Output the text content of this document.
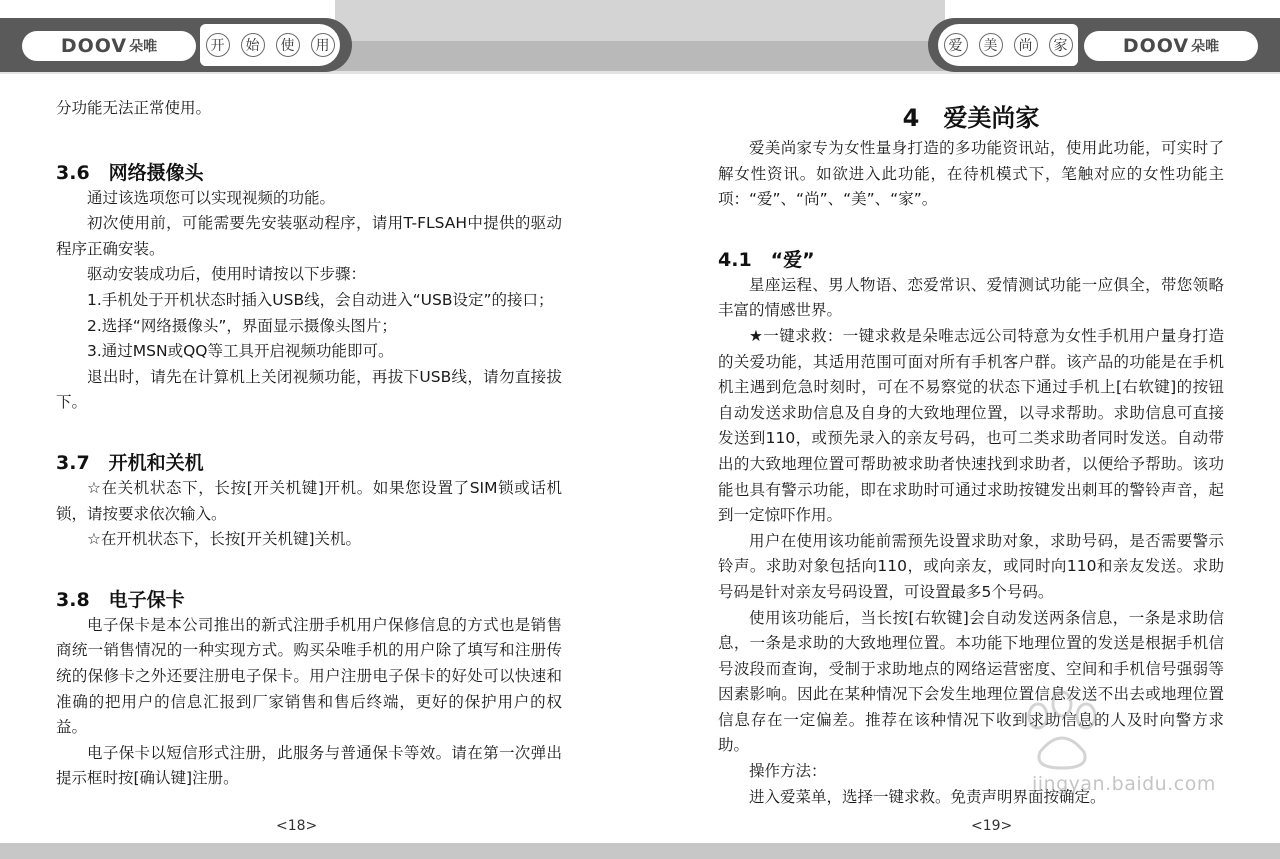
DOOV 朵唯	开	始	使	用	爱	美	尚	家	DOOV 朵唯

分功能无法正常使用。

3.6　网络摄像头

通过该选项您可以实现视频的功能。

初次使用前，可能需要先安装驱动程序，请用T-FLSAH中提供的驱动程序正确安装。

驱动安装成功后，使用时请按以下步骤：

1.手机处于开机状态时插入USB线，会自动进入“USB设定”的接口；

2.选择“网络摄像头”，界面显示摄像头图片；

3.通过MSN或QQ等工具开启视频功能即可。

退出时，请先在计算机上关闭视频功能，再拔下USB线，请勿直接拔下。

3.7　开机和关机

☆在关机状态下，长按[开关机键]开机。如果您设置了SIM锁或话机锁，请按要求依次输入。

☆在开机状态下，长按[开关机键]关机。

3.8　电子保卡

电子保卡是本公司推出的新式注册手机用户保修信息的方式也是销售商统一销售情况的一种实现方式。购买朵唯手机的用户除了填写和注册传统的保修卡之外还要注册电子保卡。用户注册电子保卡的好处可以快速和准确的把用户的信息汇报到厂家销售和售后终端，更好的保护用户的权益。

电子保卡以短信形式注册，此服务与普通保卡等效。请在第一次弹出提示框时按[确认键]注册。

<18>
4　爱美尚家

爱美尚家专为女性量身打造的多功能资讯站，使用此功能，可实时了解女性资讯。如欲进入此功能，在待机模式下，笔触对应的女性功能主项：“爱”、“尚”、“美”、“家”。

4.1　“爱”

星座运程、男人物语、恋爱常识、爱情测试功能一应俱全，带您领略丰富的情感世界。

★一键求救：一键求救是朵唯志远公司特意为女性手机用户量身打造的关爱功能，其适用范围可面对所有手机客户群。该产品的功能是在手机机主遇到危急时刻时，可在不易察觉的状态下通过手机上[右软键]的按钮自动发送求助信息及自身的大致地理位置，以寻求帮助。求助信息可直接发送到110，或预先录入的亲友号码，也可二类求助者同时发送。自动带出的大致地理位置可帮助被求助者快速找到求助者，以便给予帮助。该功能也具有警示功能，即在求助时可通过求助按键发出刺耳的警铃声音，起到一定惊吓作用。

用户在使用该功能前需预先设置求助对象，求助号码，是否需要警示铃声。求助对象包括向110，或向亲友，或同时向110和亲友发送。求助号码是针对亲友号码设置，可设置最多5个号码。

使用该功能后，当长按[右软键]会自动发送两条信息，一条是求助信息，一条是求助的大致地理位置。本功能下地理位置的发送是根据手机信号波段而查询，受制于求助地点的网络运营密度、空间和手机信号强弱等因素影响。因此在某种情况下会发生地理位置信息发送不出去或地理位置信息存在一定偏差。推荐在该种情况下收到求助信息的人及时向警方求助。

操作方法：

进入爱菜单，选择一键求救。免责声明界面按确定。

<19>
jingyan.baidu.com
